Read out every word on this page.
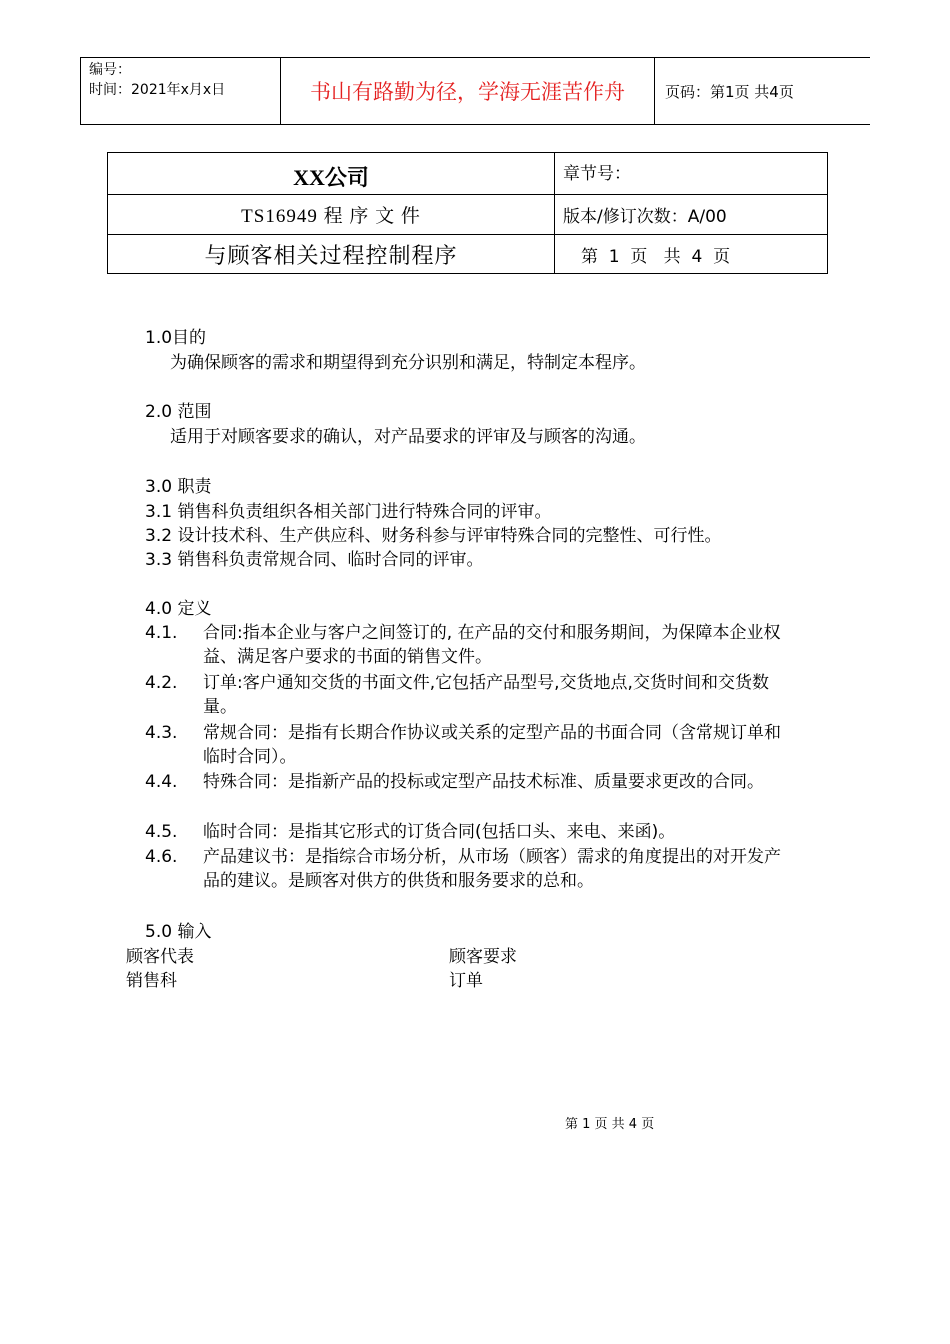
编号：
时间：2021年x月x日	书山有路勤为径，学海无涯苦作舟	页码：第1页 共4页
XX公司	章节号：
TS16949 程 序 文 件	版本/修订次数：A/00
与顾客相关过程控制程序	第  1  页   共  4  页
1.0目的
为确保顾客的需求和期望得到充分识别和满足，特制定本程序。
2.0 范围
适用于对顾客要求的确认，对产品要求的评审及与顾客的沟通。
3.0 职责
3.1 销售科负责组织各相关部门进行特殊合同的评审。
3.2 设计技术科、生产供应科、财务科参与评审特殊合同的完整性、可行性。
3.3 销售科负责常规合同、临时合同的评审。
4.0 定义
4.1. 合同:指本企业与客户之间签订的, 在产品的交付和服务期间，为保障本企业权益、满足客户要求的书面的销售文件。
4.2. 订单:客户通知交货的书面文件,它包括产品型号,交货地点,交货时间和交货数量。
4.3. 常规合同：是指有长期合作协议或关系的定型产品的书面合同（含常规订单和临时合同）。
4.4. 特殊合同：是指新产品的投标或定型产品技术标准、质量要求更改的合同。
4.5. 临时合同：是指其它形式的订货合同(包括口头、来电、来函)。
4.6. 产品建议书：是指综合市场分析，从市场（顾客）需求的角度提出的对开发产品的建议。是顾客对供方的供货和服务要求的总和。
5.0 输入
顾客代表	顾客要求
销售科	订单
第 1 页 共 4 页
